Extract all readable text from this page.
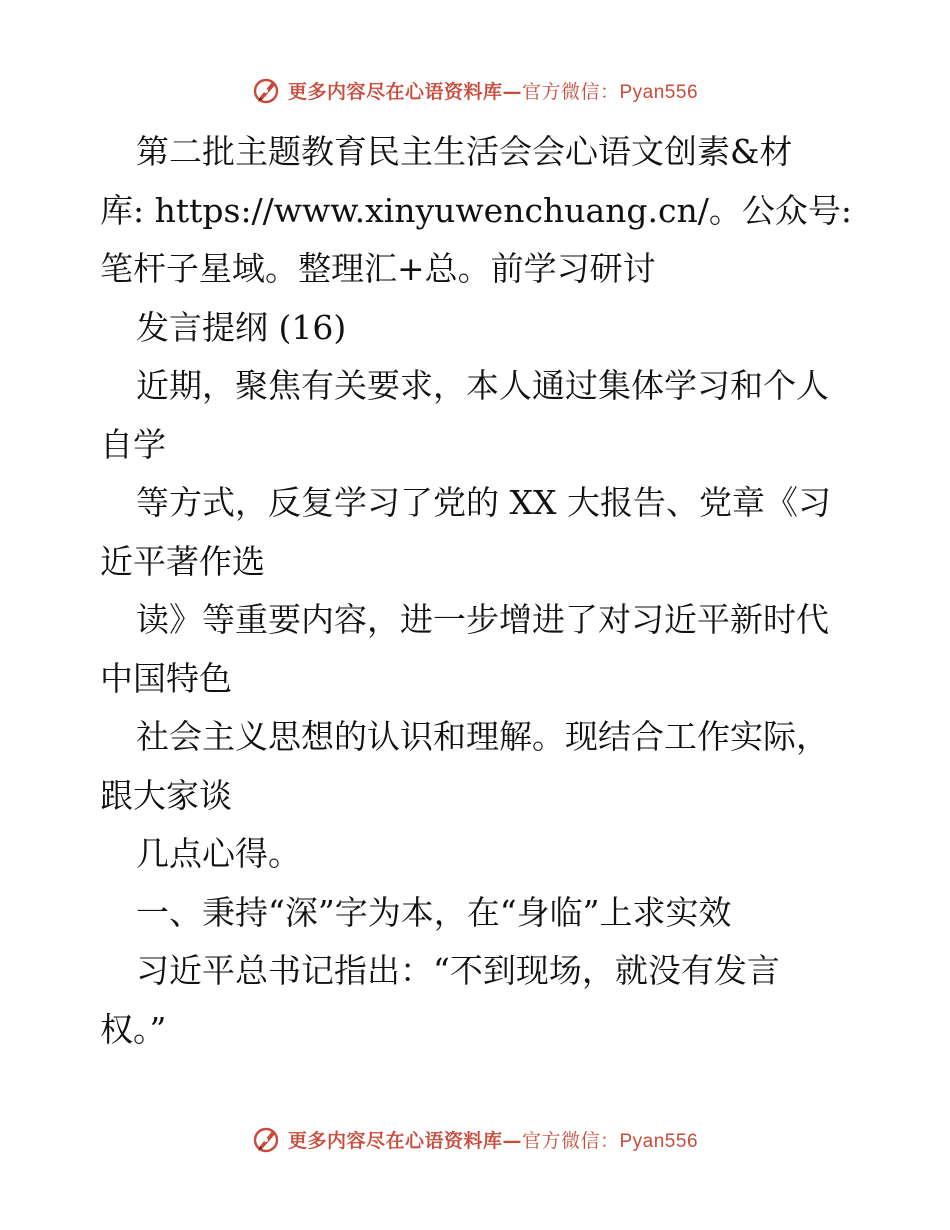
更多内容尽在心语资料库—官方微信：Pyan556
第二批主题教育民主生活会会心语文创素&材
库: https://www.xinyuwenchuang.cn/。公众号:
笔杆子星域。整理汇+总。前学习研讨
发言提纲 (16)
近期，聚焦有关要求，本人通过集体学习和个人
自学
等方式，反复学习了党的 XX 大报告、党章《习
近平著作选
读》等重要内容，进一步增进了对习近平新时代
中国特色
社会主义思想的认识和理解。现结合工作实际，
跟大家谈
几点心得。
一、秉持“深”字为本，在“身临”上求实效
习近平总书记指出：“不到现场，就没有发言
权。”
更多内容尽在心语资料库—官方微信：Pyan556
